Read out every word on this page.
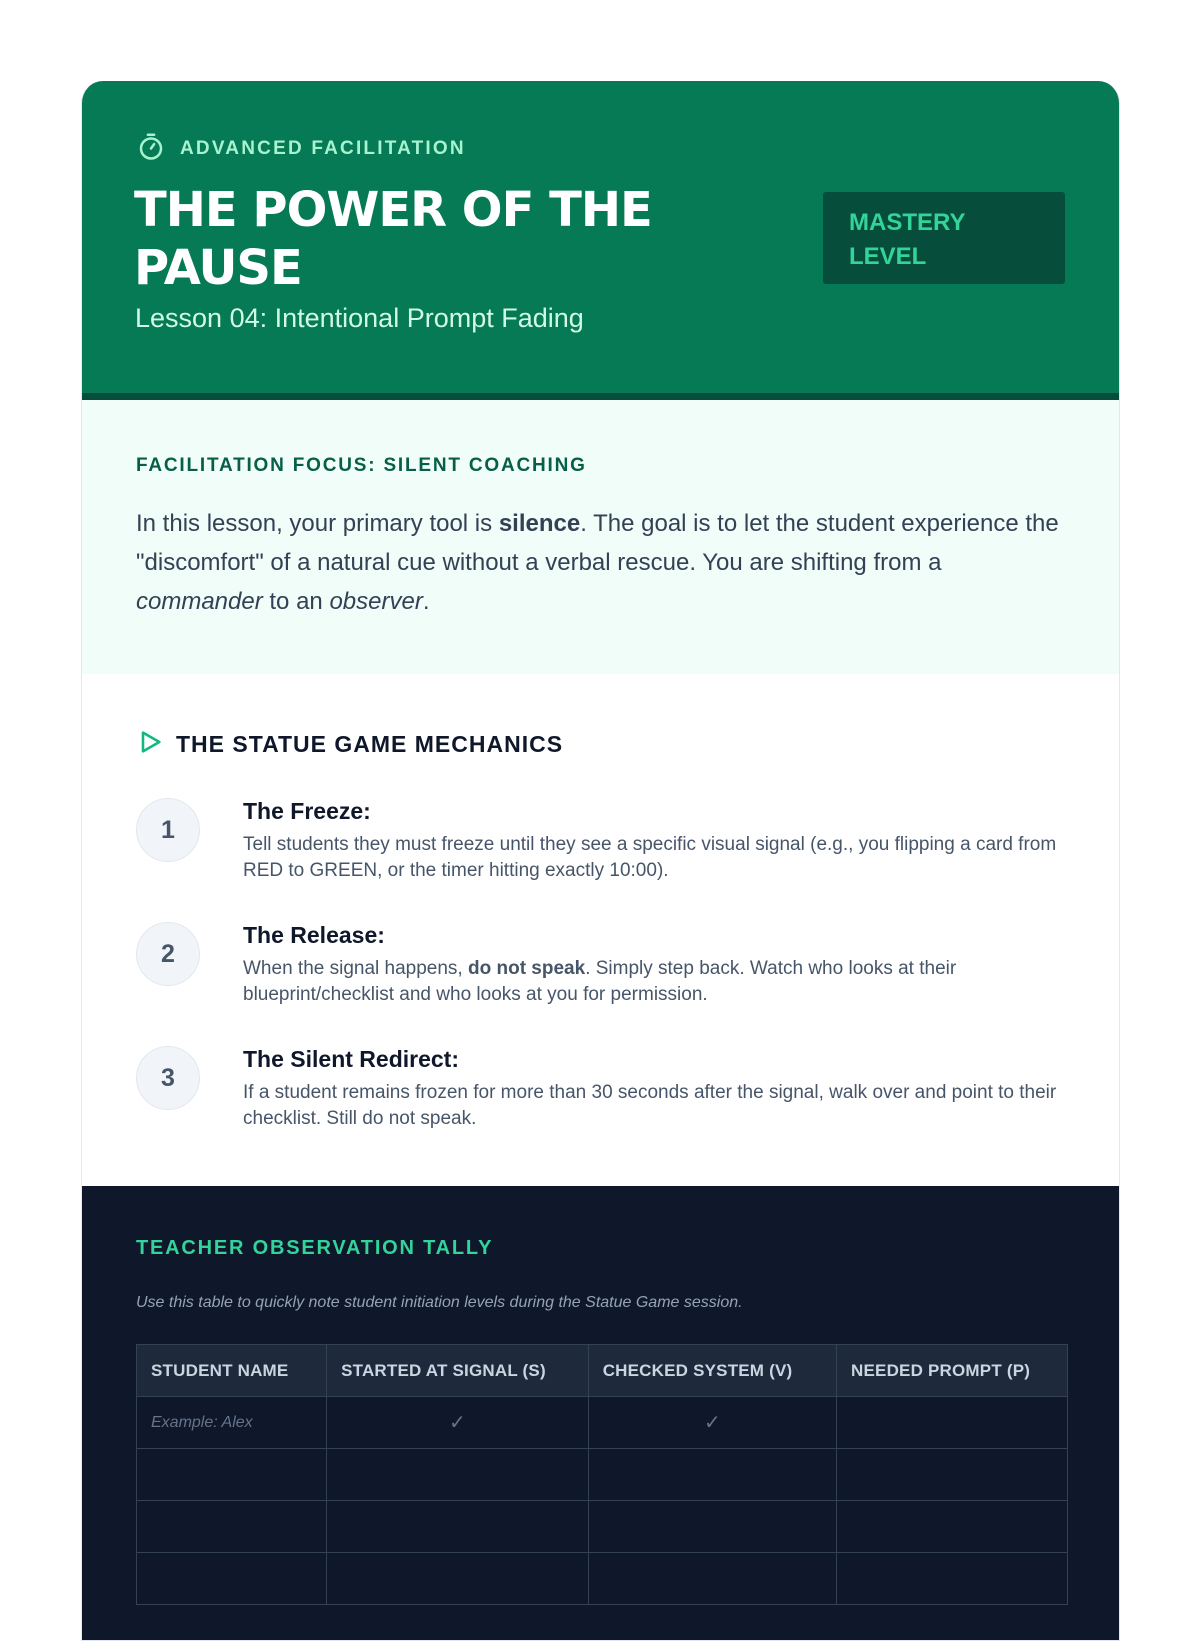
ADVANCED FACILITATION
THE POWER OF THE PAUSE
Lesson 04: Intentional Prompt Fading
MASTERY LEVEL
FACILITATION FOCUS: SILENT COACHING

In this lesson, your primary tool is silence. The goal is to let the student experience the "discomfort" of a natural cue without a verbal rescue. You are shifting from a commander to an observer.

THE STATUE GAME MECHANICS
1
The Freeze:

Tell students they must freeze until they see a specific visual signal (e.g., you flipping a card from RED to GREEN, or the timer hitting exactly 10:00).

2
The Release:

When the signal happens, do not speak. Simply step back. Watch who looks at their blueprint/checklist and who looks at you for permission.

3
The Silent Redirect:

If a student remains frozen for more than 30 seconds after the signal, walk over and point to their checklist. Still do not speak.

TEACHER OBSERVATION TALLY
Use this table to quickly note student initiation levels during the Statue Game session.
STUDENT NAME	STARTED AT SIGNAL (S)	CHECKED SYSTEM (V)	NEEDED PROMPT (P)
Example: Alex	✓	✓	
